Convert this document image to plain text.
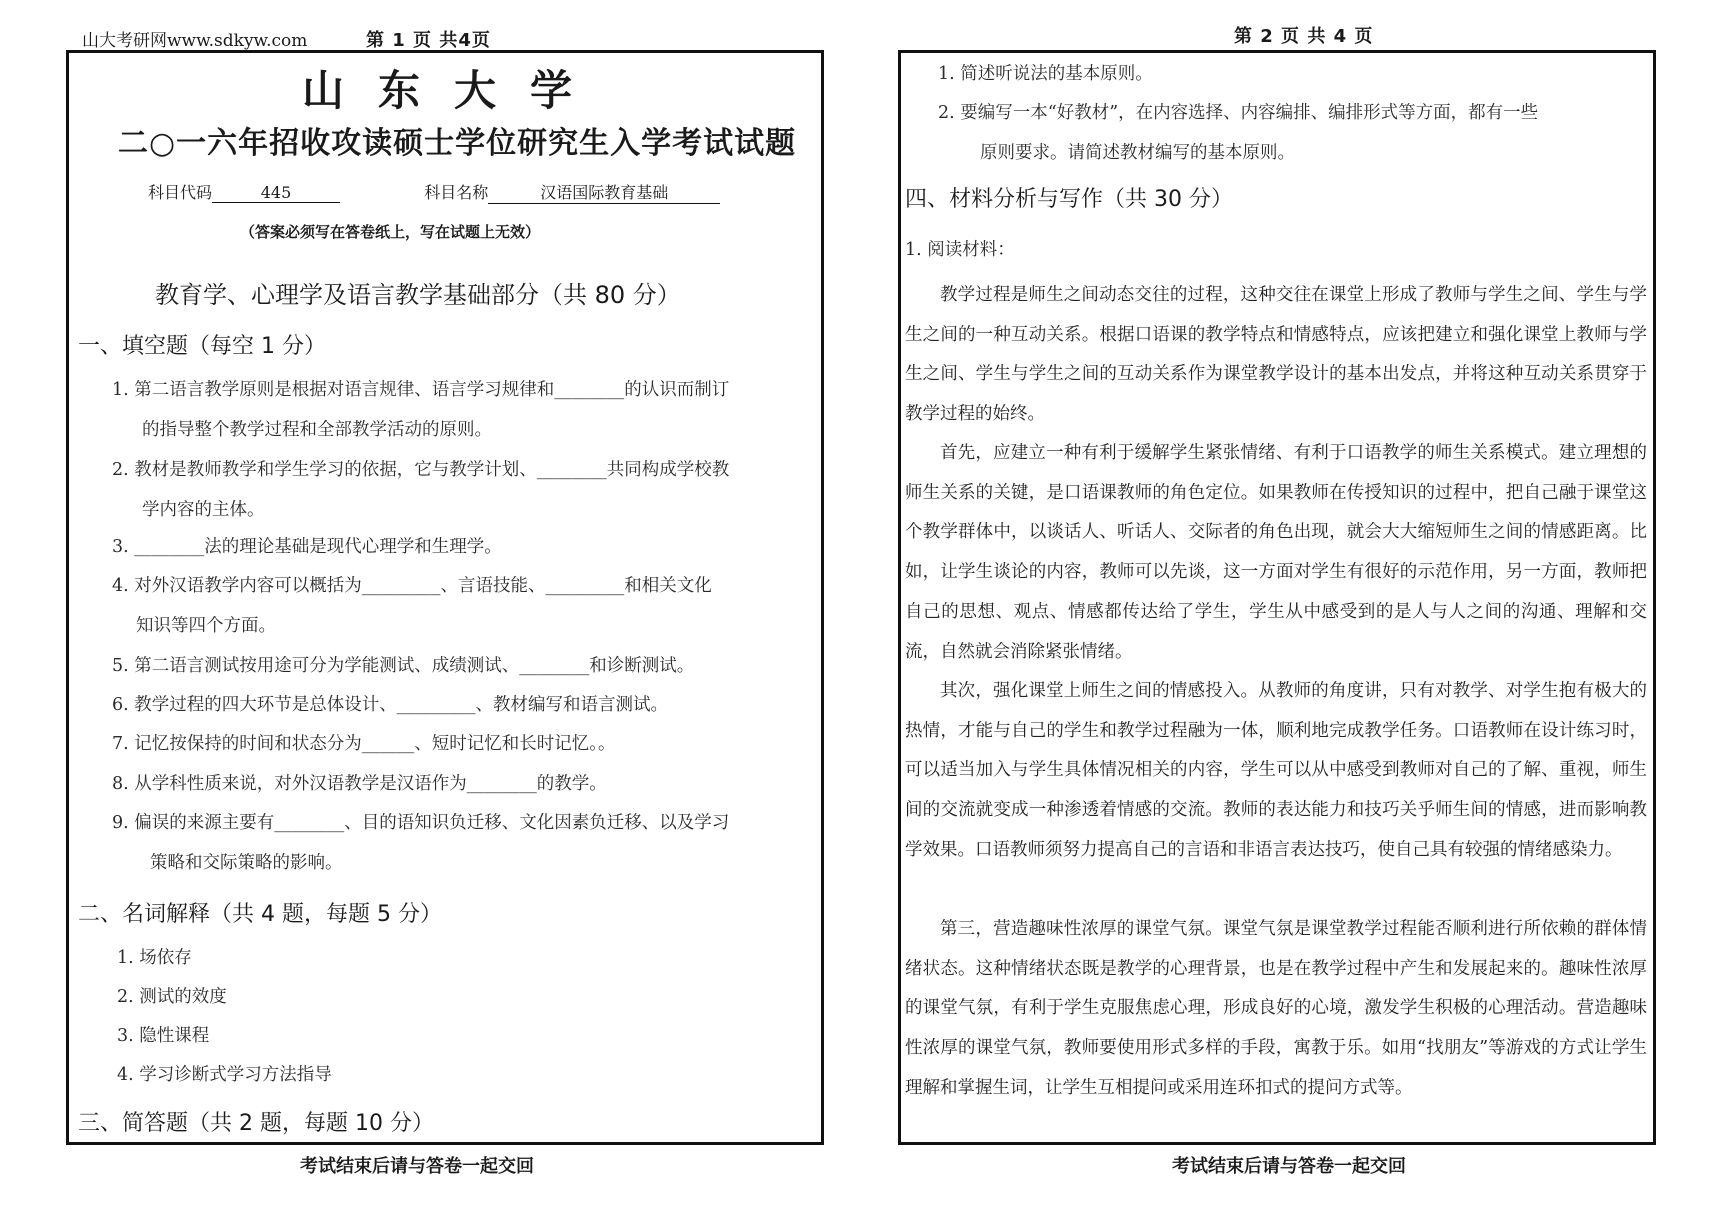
山大考研网www.sdkyw.com	第 1 页 共4页
山东大学
二○一六年招收攻读硕士学位研究生入学考试试题
科目代码	445	科目名称	汉语国际教育基础
（答案必须写在答卷纸上，写在试题上无效）
教育学、心理学及语言教学基础部分（共 80 分）
一、填空题（每空 1 分）
1. 第二语言教学原则是根据对语言规律、语言学习规律和________的认识而制订
的指导整个教学过程和全部教学活动的原则。
2. 教材是教师教学和学生学习的依据，它与教学计划、________共同构成学校教
学内容的主体。
3. ________法的理论基础是现代心理学和生理学。
4. 对外汉语教学内容可以概括为_________、言语技能、_________和相关文化
知识等四个方面。
5. 第二语言测试按用途可分为学能测试、成绩测试、________和诊断测试。
6. 教学过程的四大环节是总体设计、_________、教材编写和语言测试。
7. 记忆按保持的时间和状态分为______、短时记忆和长时记忆。。
8. 从学科性质来说，对外汉语教学是汉语作为________的教学。
9. 偏误的来源主要有________、目的语知识负迁移、文化因素负迁移、以及学习
策略和交际策略的影响。
二、名词解释（共 4 题，每题 5 分）
1. 场依存
2. 测试的效度
3. 隐性课程
4. 学习诊断式学习方法指导
三、简答题（共 2 题，每题 10 分）
考试结束后请与答卷一起交回
第 2 页 共 4 页
1. 简述听说法的基本原则。
2. 要编写一本“好教材”，在内容选择、内容编排、编排形式等方面，都有一些
原则要求。请简述教材编写的基本原则。
四、材料分析与写作（共 30 分）
1. 阅读材料：
教学过程是师生之间动态交往的过程，这种交往在课堂上形成了教师与学生之间、学生与学生之间的一种互动关系。根据口语课的教学特点和情感特点，应该把建立和强化课堂上教师与学生之间、学生与学生之间的互动关系作为课堂教学设计的基本出发点，并将这种互动关系贯穿于教学过程的始终。
首先，应建立一种有利于缓解学生紧张情绪、有利于口语教学的师生关系模式。建立理想的师生关系的关键，是口语课教师的角色定位。如果教师在传授知识的过程中，把自己融于课堂这个教学群体中，以谈话人、听话人、交际者的角色出现，就会大大缩短师生之间的情感距离。比如，让学生谈论的内容，教师可以先谈，这一方面对学生有很好的示范作用，另一方面，教师把自己的思想、观点、情感都传达给了学生，学生从中感受到的是人与人之间的沟通、理解和交流，自然就会消除紧张情绪。
其次，强化课堂上师生之间的情感投入。从教师的角度讲，只有对教学、对学生抱有极大的热情，才能与自己的学生和教学过程融为一体，顺利地完成教学任务。口语教师在设计练习时，可以适当加入与学生具体情况相关的内容，学生可以从中感受到教师对自己的了解、重视，师生间的交流就变成一种渗透着情感的交流。教师的表达能力和技巧关乎师生间的情感，进而影响教学效果。口语教师须努力提高自己的言语和非语言表达技巧，使自己具有较强的情绪感染力。
第三，营造趣味性浓厚的课堂气氛。课堂气氛是课堂教学过程能否顺利进行所依赖的群体情绪状态。这种情绪状态既是教学的心理背景，也是在教学过程中产生和发展起来的。趣味性浓厚的课堂气氛，有利于学生克服焦虑心理，形成良好的心境，激发学生积极的心理活动。营造趣味性浓厚的课堂气氛，教师要使用形式多样的手段，寓教于乐。如用“找朋友”等游戏的方式让学生理解和掌握生词，让学生互相提问或采用连环扣式的提问方式等。
考试结束后请与答卷一起交回
